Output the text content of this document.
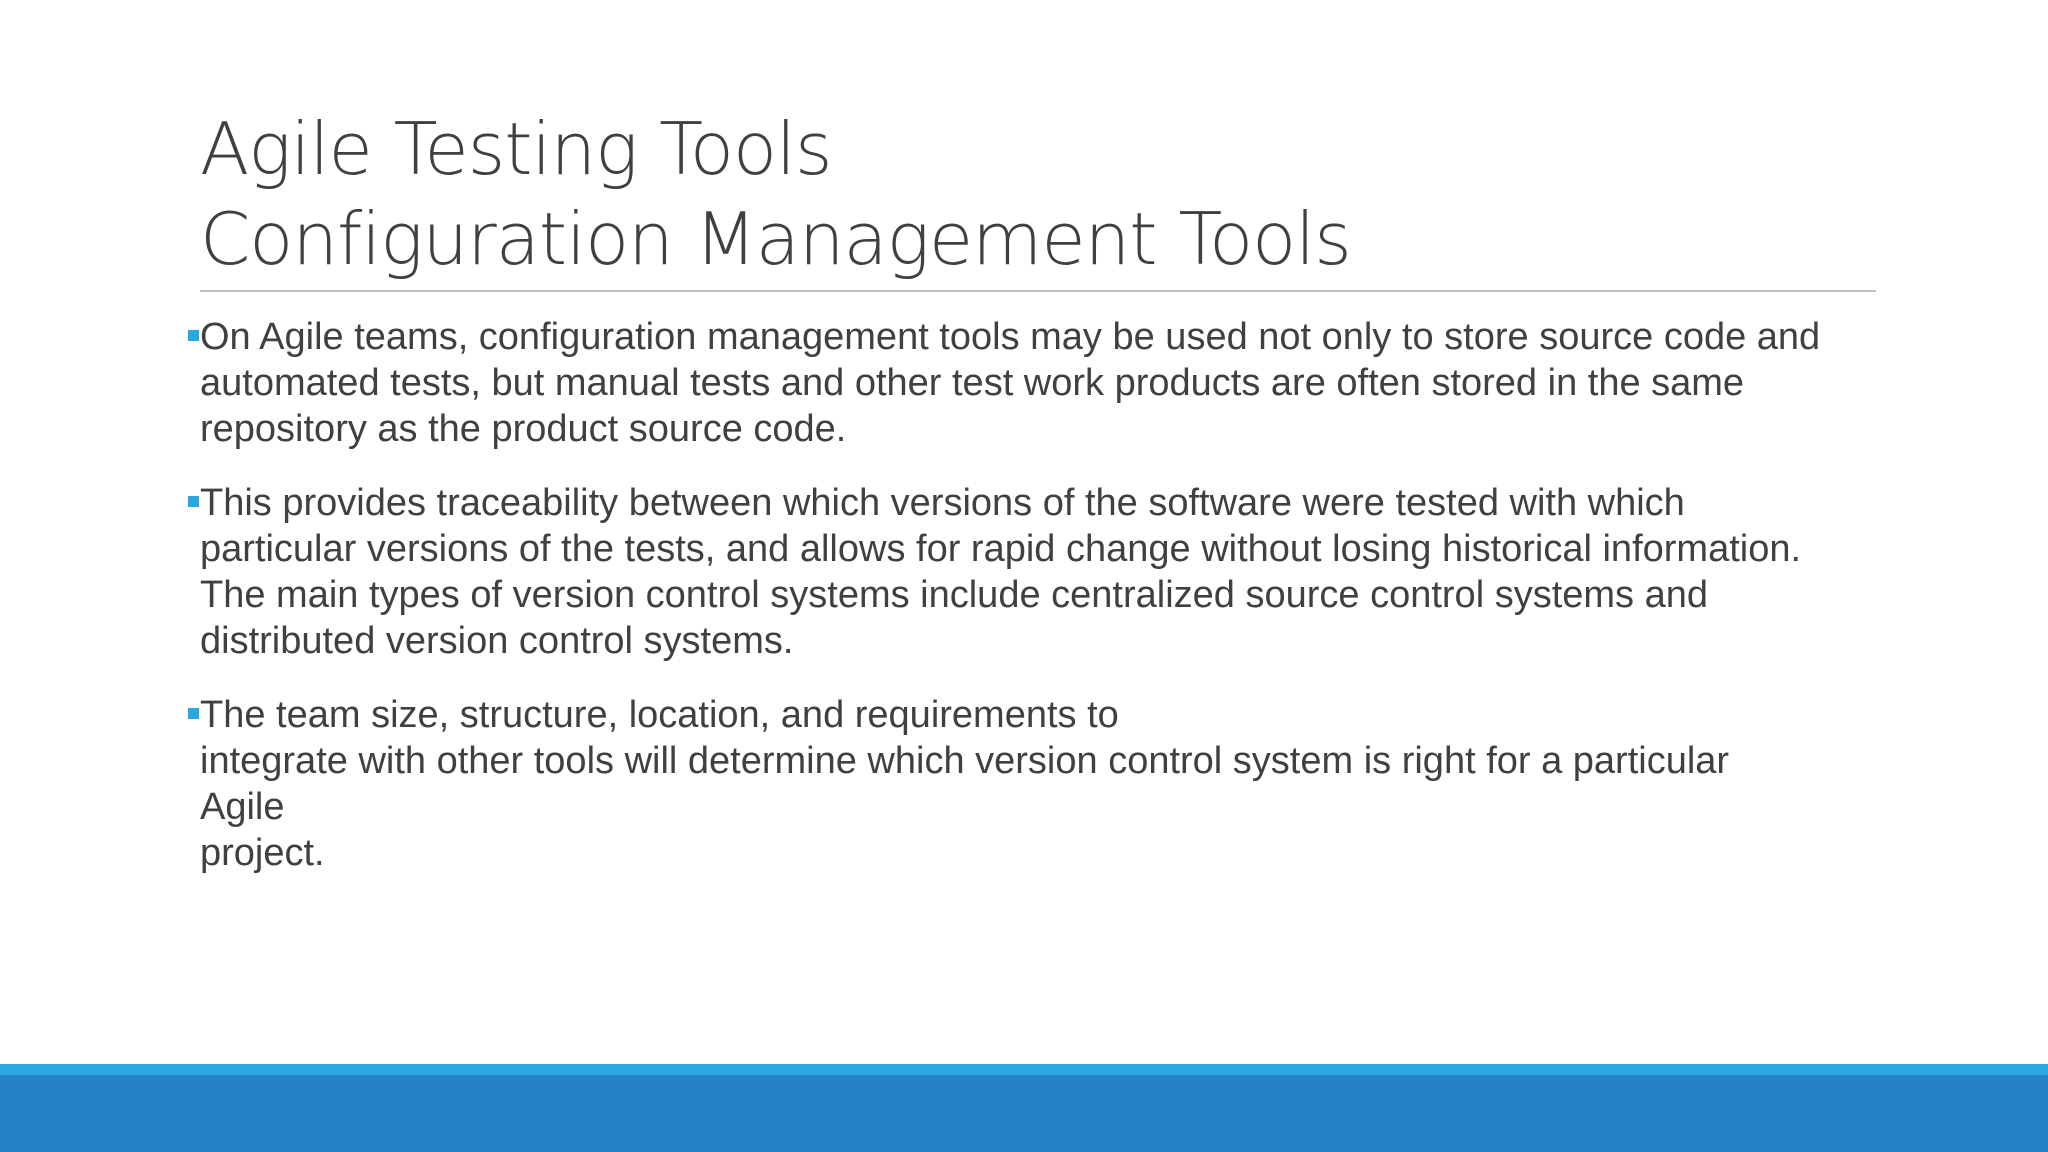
Agile Testing Tools
Configuration Management Tools
On Agile teams, configuration management tools may be used not only to store source code and
automated tests, but manual tests and other test work products are often stored in the same
repository as the product source code.
This provides traceability between which versions of the software were tested with which
particular versions of the tests, and allows for rapid change without losing historical information.
The main types of version control systems include centralized source control systems and
distributed version control systems.
The team size, structure, location, and requirements to
integrate with other tools will determine which version control system is right for a particular
Agile
project.
